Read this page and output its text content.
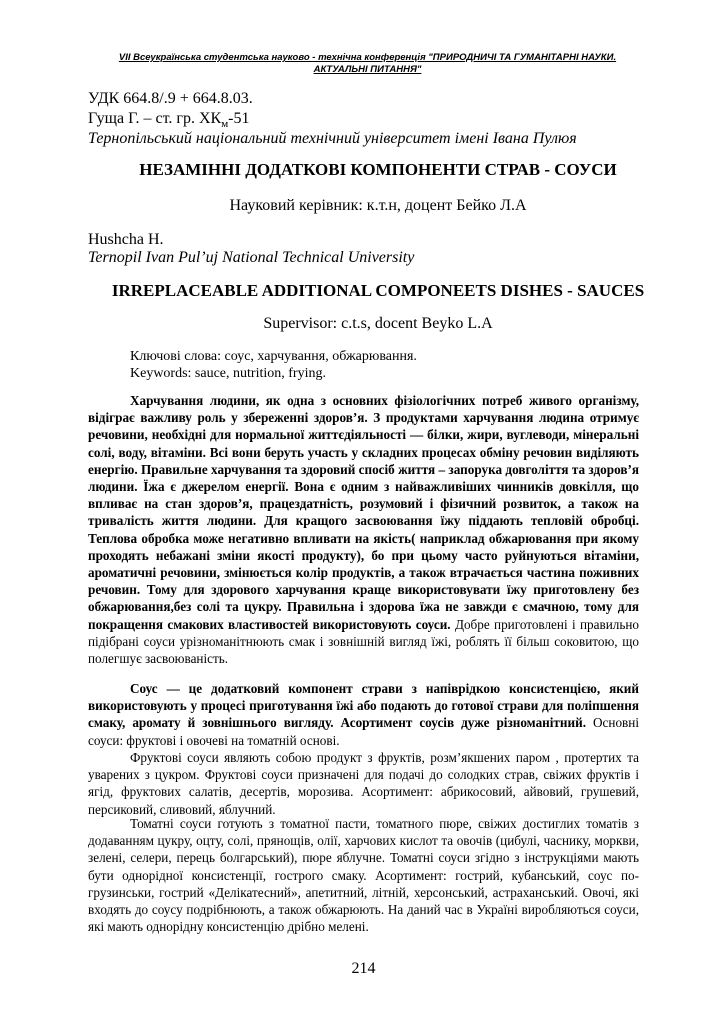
VII Всеукраїнська студентська науково - технічна конференція "ПРИРОДНИЧІ ТА ГУМАНІТАРНІ НАУКИ. АКТУАЛЬНІ ПИТАННЯ"
УДК 664.8/.9 + 664.8.03.
Гуща Г. – ст. гр. $ХК_м-51$
Тернопільський національний технічний університет імені Івана Пулюя
НЕЗАМІННІ ДОДАТКОВІ КОМПОНЕНТИ СТРАВ - СОУСИ
Науковий керівник: к.т.н, доцент Бейко Л.А
Hushcha H.
Ternopil Ivan Pul’uj National Technical University
IRREPLACEABLE ADDITIONAL COMPONEETS DISHES - SAUCES
Supervisor: c.t.s, docent Beyko L.A
Ключові слова: соус, харчування, обжарювання.
Keywords: sauce, nutrition, frying.

Харчування людини, як одна з основних фізіологічних потреб живого організму, відіграє важливу роль у збереженні здоров’я. З продуктами харчування людина отримує речовини, необхідні для нормальної життєдіяльності — білки, жири, вуглеводи, мінеральні солі, воду, вітаміни. Всі вони беруть участь у складних процесах обміну речовин виділяють енергію. Правильне харчування та здоровий спосіб життя – запорука довголіття та здоров’я людини. Їжа є джерелом енергії. Вона є одним з найважливіших чинників довкілля, що впливає на стан здоров’я, працездатність, розумовий і фізичний розвиток, а також на тривалість життя людини. Для кращого засвоювання їжу піддають тепловій обробці. Теплова обробка може негативно впливати на якість( наприклад обжарювання при якому проходять небажані зміни якості продукту), бо при цьому часто руйнуються вітаміни, ароматичні речовини, змінюється колір продуктів, а також втрачається частина поживних речовин. Тому для здорового харчування краще використовувати їжу приготовлену без обжарювання,без солі та цукру. Правильна і здорова їжа не завжди є смачною, тому для покращення смакових властивостей використовують соуси. Добре приготовлені і правильно підібрані соуси урізноманітнюють смак і зовнішній вигляд їжі, роблять її більш соковитою, що полегшує засвоюваність.

Соус — це додатковий компонент страви з напіврідкою консистенцією, який використовують у процесі приготування їжі або подають до готової страви для поліпшення смаку, аромату й зовнішнього вигляду. Асортимент соусів дуже різноманітний. Основні соуси: фруктові і овочеві на томатній основі.

Фруктові соуси являють собою продукт з фруктів, розм’якшених паром , протертих та уварених з цукром. Фруктові соуси призначені для подачі до солодких страв, свіжих фруктів і ягід, фруктових салатів, десертів, морозива. Асортимент: абрикосовий, айвовий, грушевий, персиковий, сливовий, яблучний.

Томатні соуси готують з томатної пасти, томатного пюре, свіжих достиглих томатів з додаванням цукру, оцту, солі, прянощів, олії, харчових кислот та овочів (цибулі, часнику, моркви, зелені, селери, перець болгарський), пюре яблучне. Томатні соуси згідно з інструкціями мають бути однорідної консистенції, гострого смаку. Асортимент: гострий, кубанський, соус по-грузинськи, гострий «Делікатесний», апетитний, літній, херсонський, астраханський. Овочі, які входять до соусу подрібнюють, а також обжарюють. На даний час в Україні виробляються соуси, які мають однорідну консистенцію дрібно мелені.

214
